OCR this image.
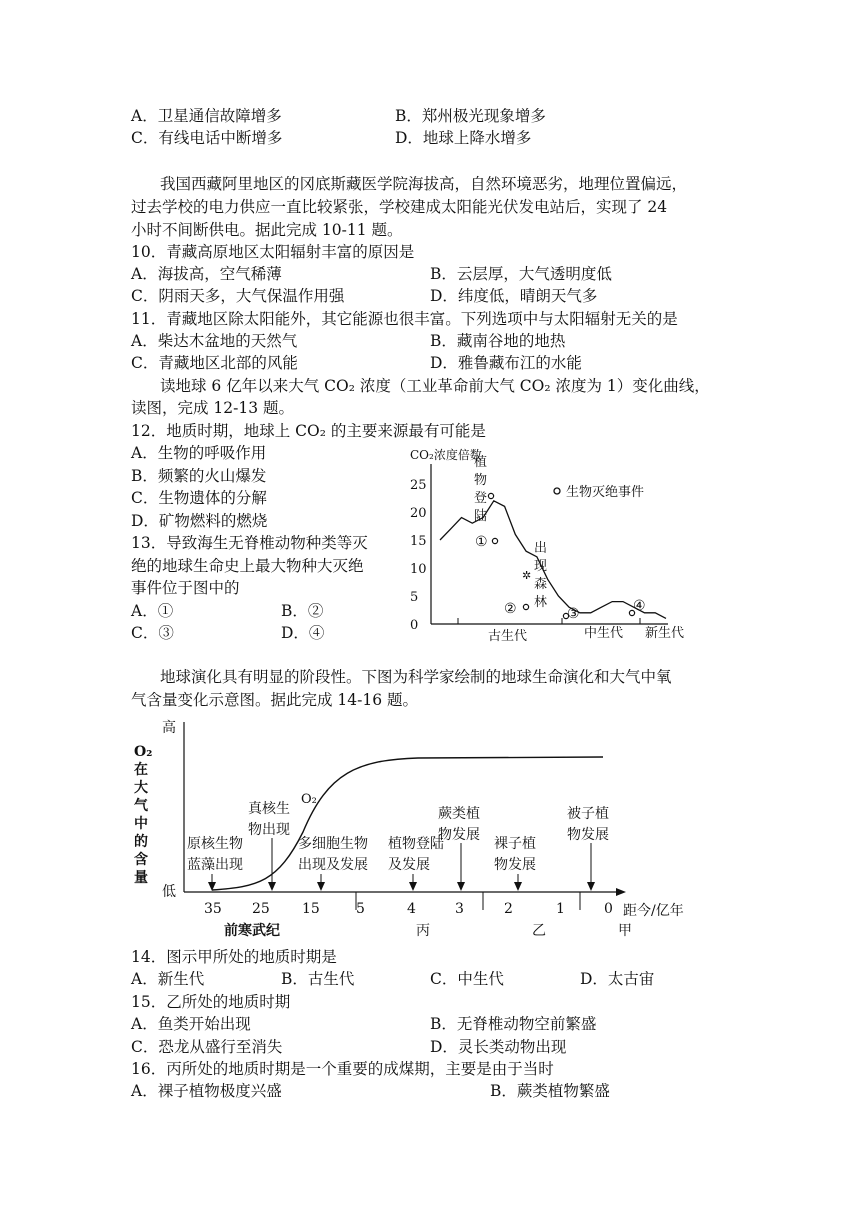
A．卫星通信故障增多	B．郑州极光现象增多
C．有线电话中断增多	D．地球上降水增多
我国西藏阿里地区的冈底斯藏医学院海拔高，自然环境恶劣，地理位置偏远，
过去学校的电力供应一直比较紧张，学校建成太阳能光伏发电站后，实现了 24
小时不间断供电。据此完成 10-11 题。
10．青藏高原地区太阳辐射丰富的原因是
A．海拔高，空气稀薄	B．云层厚，大气透明度低
C．阴雨天多，大气保温作用强	D．纬度低，晴朗天气多
11．青藏地区除太阳能外，其它能源也很丰富。下列选项中与太阳辐射无关的是
A．柴达木盆地的天然气	B．藏南谷地的地热
C．青藏地区北部的风能	D．雅鲁藏布江的水能
读地球 6 亿年以来大气 CO₂ 浓度（工业革命前大气 CO₂ 浓度为 1）变化曲线，
读图，完成 12-13 题。
12．地质时期，地球上 CO₂ 的主要来源最有可能是
A．生物的呼吸作用
B．频繁的火山爆发
C．生物遗体的分解
D．矿物燃料的燃烧
13．导致海生无脊椎动物种类等灭
绝的地球生命史上最大物种大灭绝
事件位于图中的
A．①	B．②
C．③	D．④
CO₂浓度倍数
0
5
10
15
20
25
古生代	中生代 新生代
植
物
登
陆
出
现
森
林
生物灭绝事件
✲
①
②	③	④
地球演化具有明显的阶段性。下图为科学家绘制的地球生命演化和大气中氧
气含量变化示意图。据此完成 14-16 题。
高
低
O₂
在
大
气
中
的
含
量
距今/亿年
35 25 15	5	4	3	2	1	0
前寒武纪	丙	乙	甲
O₂
原核生物
蓝藻出现
真核生
物出现
多细胞生物
出现及发展
植物登陆
及发展
蕨类植
物发展
裸子植
物发展
被子植
物发展
14．图示甲所处的地质时期是
A．新生代	B．古生代	C．中生代	D．太古宙
15．乙所处的地质时期
A．鱼类开始出现	B．无脊椎动物空前繁盛
C．恐龙从盛行至消失	D．灵长类动物出现
16．丙所处的地质时期是一个重要的成煤期，主要是由于当时
A．裸子植物极度兴盛	B．蕨类植物繁盛
